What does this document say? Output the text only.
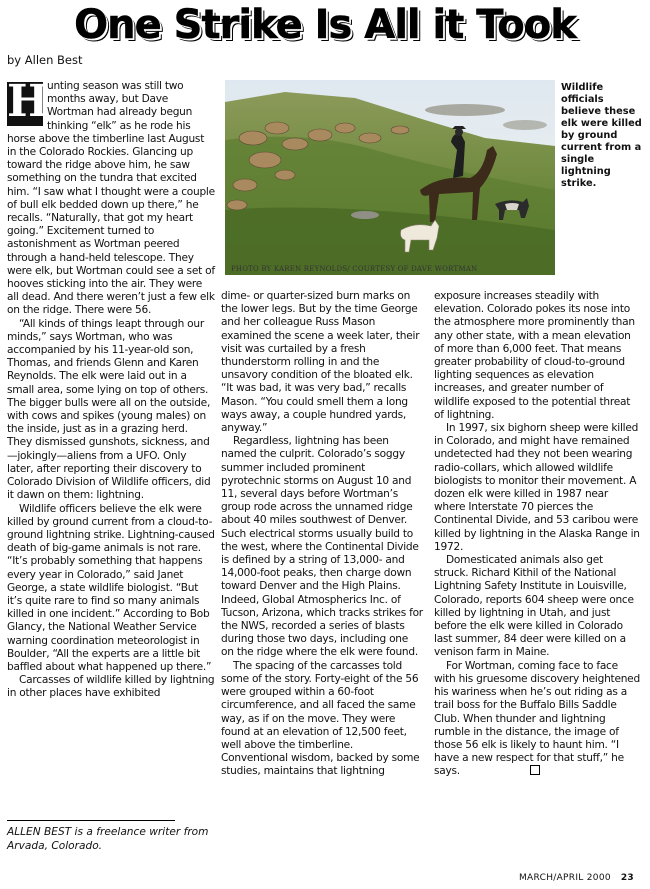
One Strike Is All it Took
by Allen Best

H
unting season was still two months away, but Dave Wortman had already begun thinking “elk” as he rode his horse above the timberline last August in the Colorado Rockies. Glancing up toward the ridge above him, he saw something on the tundra that excited him. “I saw what I thought were a couple of bull elk bedded down up there,” he recalls. “Naturally, that got my heart going.” Excitement turned to astonishment as Wortman peered through a hand-held telescope. They were elk, but Wortman could see a set of hooves sticking into the air. They were all dead. And there weren’t just a few elk on the ridge. There were 56.

“All kinds of things leapt through our minds,” says Wortman, who was accompanied by his 11-year-old son, Thomas, and friends Glenn and Karen Reynolds. The elk were laid out in a small area, some lying on top of others. The bigger bulls were all on the outside, with cows and spikes (young males) on the inside, just as in a grazing herd. They dismissed gunshots, sickness, and—jokingly—aliens from a UFO. Only later, after reporting their discovery to Colorado Division of Wildlife officers, did it dawn on them: lightning.

Wildlife officers believe the elk were killed by ground current from a cloud-to-ground lightning strike. Lightning-caused death of big-game animals is not rare. “It’s probably something that happens every year in Colorado,” said Janet George, a state wildlife biologist. “But it’s quite rare to find so many animals killed in one incident.” According to Bob Glancy, the National Weather Service warning coordination meteorologist in Boulder, “All the experts are a little bit baffled about what happened up there.”

Carcasses of wildlife killed by lightning in other places have exhibited

PHOTO BY KAREN REYNOLDS/ COURTESY OF DAVE WORTMAN
Wildlife officials believe these elk were killed by ground current from a single lightning strike.

dime- or quarter-sized burn marks on the lower legs. But by the time George and her colleague Russ Mason examined the scene a week later, their visit was curtailed by a fresh thunderstorm rolling in and the unsavory condition of the bloated elk. “It was bad, it was very bad,” recalls Mason. “You could smell them a long ways away, a couple hundred yards, anyway.”

Regardless, lightning has been named the culprit. Colorado’s soggy summer included prominent pyrotechnic storms on August 10 and 11, several days before Wortman’s group rode across the unnamed ridge about 40 miles southwest of Denver. Such electrical storms usually build to the west, where the Continental Divide is defined by a string of 13,000- and 14,000-foot peaks, then charge down toward Denver and the High Plains. Indeed, Global Atmospherics Inc. of Tucson, Arizona, which tracks strikes for the NWS, recorded a series of blasts during those two days, including one on the ridge where the elk were found.

The spacing of the carcasses told some of the story. Forty-eight of the 56 were grouped within a 60-foot circumference, and all faced the same way, as if on the move. They were found at an elevation of 12,500 feet, well above the timberline.

Conventional wisdom, backed by some studies, maintains that lightning

exposure increases steadily with elevation. Colorado pokes its nose into the atmosphere more prominently than any other state, with a mean elevation of more than 6,000 feet. That means greater probability of cloud-to-ground lighting sequences as elevation increases, and greater number of wildlife exposed to the potential threat of lightning.

In 1997, six bighorn sheep were killed in Colorado, and might have remained undetected had they not been wearing radio-collars, which allowed wildlife biologists to monitor their movement. A dozen elk were killed in 1987 near where Interstate 70 pierces the Continental Divide, and 53 caribou were killed by lightning in the Alaska Range in 1972.

Domesticated animals also get struck. Richard Kithil of the National Lightning Safety Institute in Louisville, Colorado, reports 604 sheep were once killed by lightning in Utah, and just before the elk were killed in Colorado last summer, 84 deer were killed on a venison farm in Maine.

For Wortman, coming face to face with his gruesome discovery heightened his wariness when he’s out riding as a trail boss for the Buffalo Bills Saddle Club. When thunder and lightning rumble in the distance, the image of those 56 elk is likely to haunt him. “I have a new respect for that stuff,” he says.

ALLEN BEST is a freelance writer from Arvada, Colorado.
MARCH/APRIL 2000 23
